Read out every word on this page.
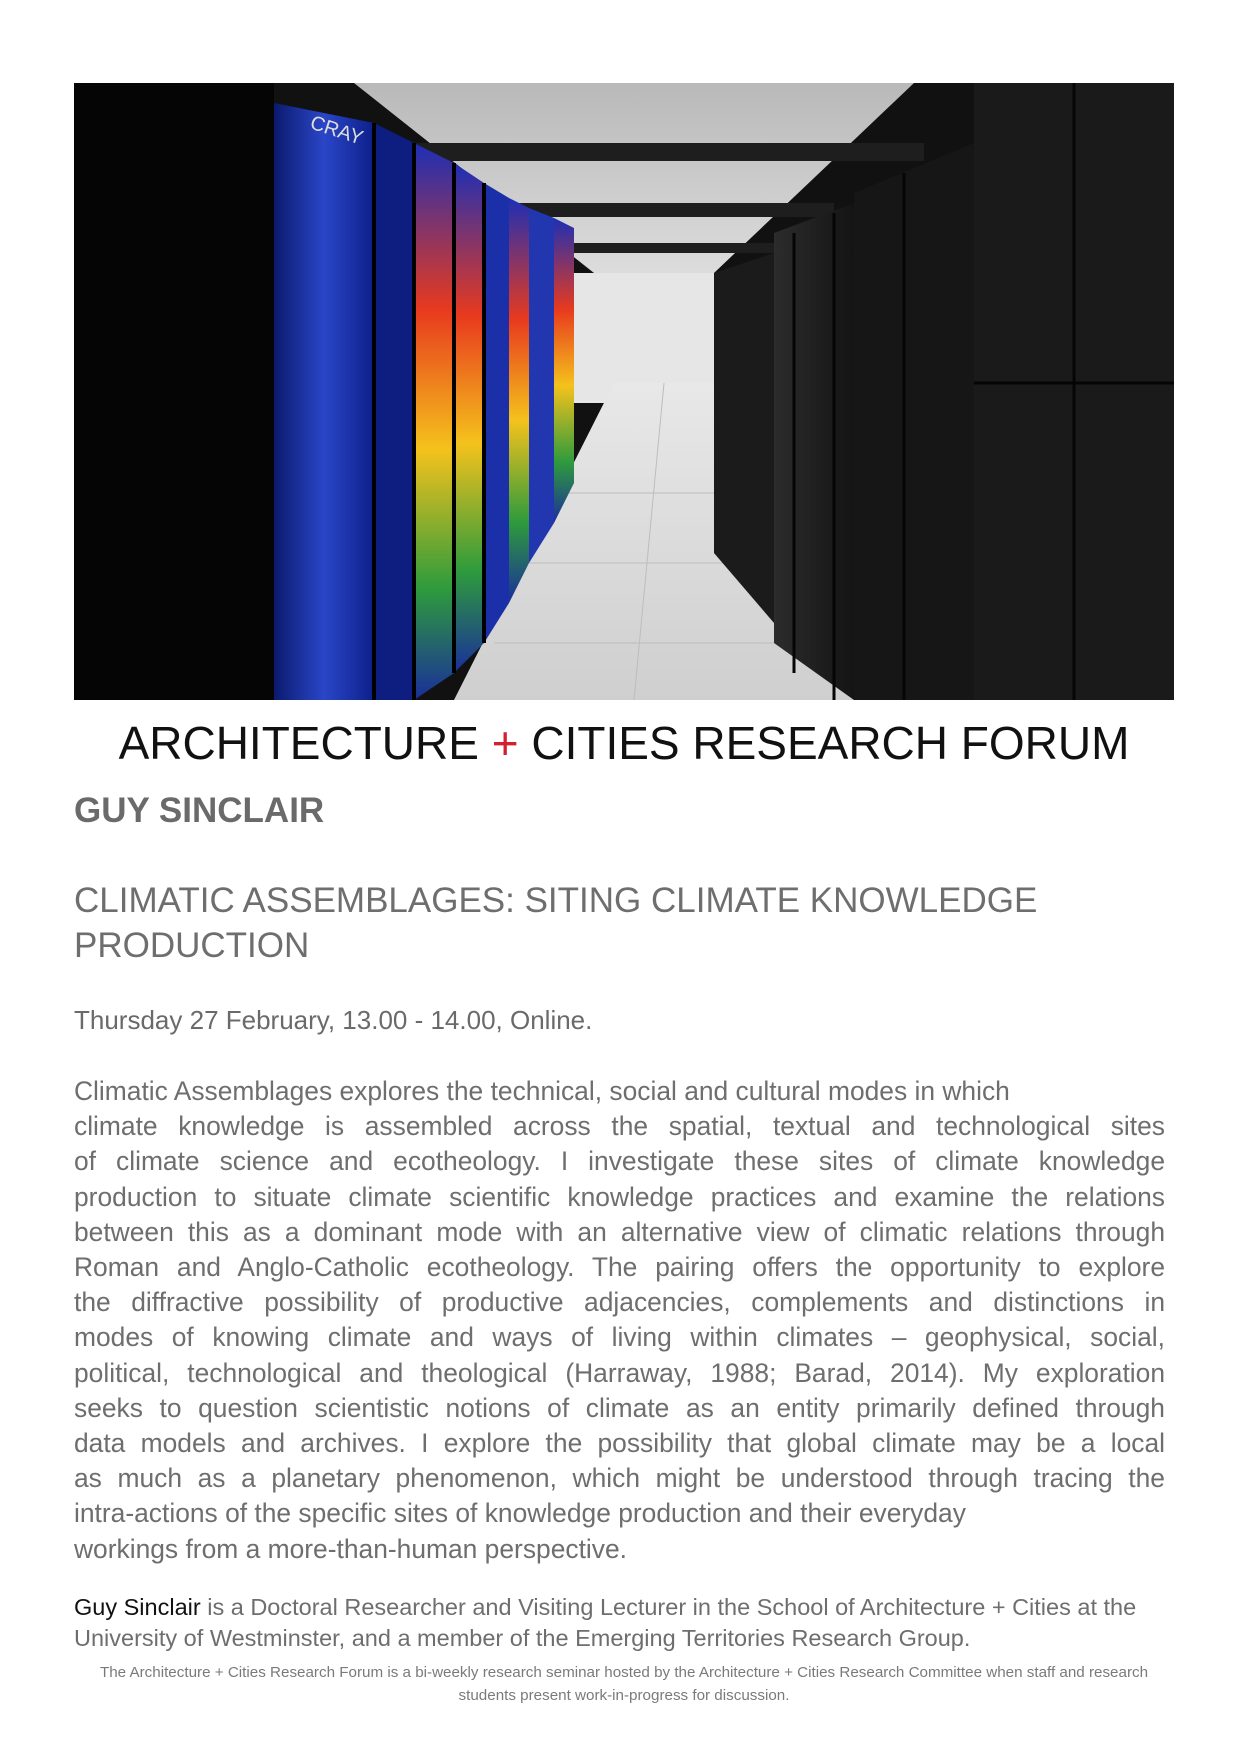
CRAY
ARCHITECTURE + CITIES RESEARCH FORUM
GUY SINCLAIR
CLIMATIC ASSEMBLAGES: SITING CLIMATE KNOWLEDGE PRODUCTION
Thursday 27 February, 13.00 - 14.00, Online.
Climatic Assemblages explores the technical, social and cultural modes in which
climate knowledge is assembled across the spatial, textual and technological sites
of climate science and ecotheology. I investigate these sites of climate knowledge
production to situate climate scientific knowledge practices and examine the relations
between this as a dominant mode with an alternative view of climatic relations through
Roman and Anglo-Catholic ecotheology. The pairing offers the opportunity to explore
the diffractive possibility of productive adjacencies, complements and distinctions in
modes of knowing climate and ways of living within climates – geophysical, social,
political, technological and theological (Harraway, 1988; Barad, 2014). My exploration
seeks to question scientistic notions of climate as an entity primarily defined through
data models and archives. I explore the possibility that global climate may be a local
as much as a planetary phenomenon, which might be understood through tracing the
intra-actions of the specific sites of knowledge production and their everyday
workings from a more-than-human perspective.
Guy Sinclair is a Doctoral Researcher and Visiting Lecturer in the School of Architecture + Cities at the University of Westminster, and a member of the Emerging Territories Research Group.
The Architecture + Cities Research Forum is a bi-weekly research seminar hosted by the Architecture + Cities Research Committee when staff and research students present work-in-progress for discussion.
